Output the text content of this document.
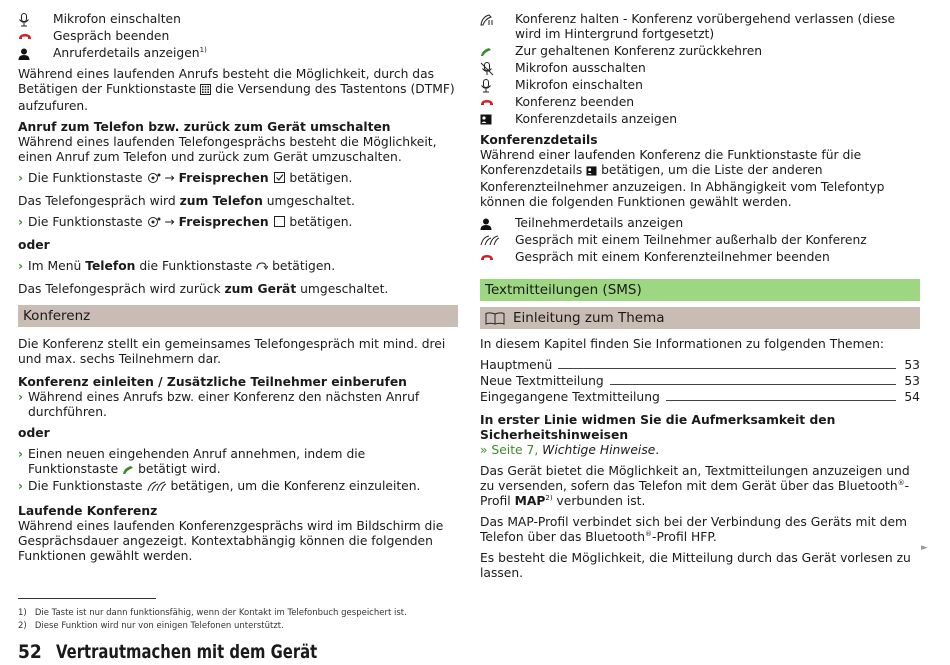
Mikrofon einschalten
Gespräch beenden
Anruferdetails anzeigen$^{1)}$

Während eines laufenden Anrufs besteht die Möglichkeit, durch das Betätigen der Funktionstaste die Versendung des Tastentons (DTMF) aufzufuren.

Anruf zum Telefon bzw. zurück zum Gerät umschalten

Während eines laufenden Telefongesprächs besteht die Möglichkeit, einen Anruf zum Telefon und zurück zum Gerät umzuschalten.

› Die Funktionstaste → Freisprechen betätigen.

Das Telefongespräch wird zum Telefon umgeschaltet.

› Die Funktionstaste → Freisprechen betätigen.

oder

› Im Menü Telefon die Funktionstaste betätigen.

Das Telefongespräch wird zurück zum Gerät umgeschaltet.

Konferenz

Die Konferenz stellt ein gemeinsames Telefongespräch mit mind. drei und max. sechs Teilnehmern dar.

Konferenz einleiten / Zusätzliche Teilnehmer einberufen
› Während eines Anrufs bzw. einer Konferenz den nächsten Anruf durchführen.

oder

› Einen neuen eingehenden Anruf annehmen, indem die Funktionstaste betätigt wird.
› Die Funktionstaste betätigen, um die Konferenz einzuleiten.
Laufende Konferenz

Während eines laufenden Konferenzgesprächs wird im Bildschirm die Gesprächsdauer angezeigt. Kontextabhängig können die folgenden Funktionen gewählt werden.

Konferenz halten - Konferenz vorübergehend verlassen (diese wird im Hintergrund fortgesetzt)
Zur gehaltenen Konferenz zurückkehren
Mikrofon ausschalten
Mikrofon einschalten
Konferenz beenden
Konferenzdetails anzeigen
Konferenzdetails

Während einer laufenden Konferenz die Funktionstaste für die Konferenzdetails betätigen, um die Liste der anderen Konferenzteilnehmer anzuzeigen. In Abhängigkeit vom Telefontyp können die folgenden Funktionen gewählt werden.

Teilnehmerdetails anzeigen
Gespräch mit einem Teilnehmer außerhalb der Konferenz
Gespräch mit einem Konferenzteilnehmer beenden
Textmitteilungen (SMS)
Einleitung zum Thema

In diesem Kapitel finden Sie Informationen zu folgenden Themen:

Hauptmenü	53
Neue Textmitteilung	53
Eingegangene Textmitteilung	54
In erster Linie widmen Sie die Aufmerksamkeit den Sicherheitshinweisen

» Seite 7, Wichtige Hinweise.

Das Gerät bietet die Möglichkeit an, Textmitteilungen anzuzeigen und zu versenden, sofern das Telefon mit dem Gerät über das Bluetooth®-Profil MAP$^{2)}$ verbunden ist.

Das MAP-Profil verbindet sich bei der Verbindung des Geräts mit dem Telefon über das Bluetooth®-Profil HFP.

Es besteht die Möglichkeit, die Mitteilung durch das Gerät vorlesen zu lassen.

►
1) Die Taste ist nur dann funktionsfähig, wenn der Kontakt im Telefonbuch gespeichert ist.
2) Diese Funktion wird nur von einigen Telefonen unterstützt.
52 Vertrautmachen mit dem Gerät
